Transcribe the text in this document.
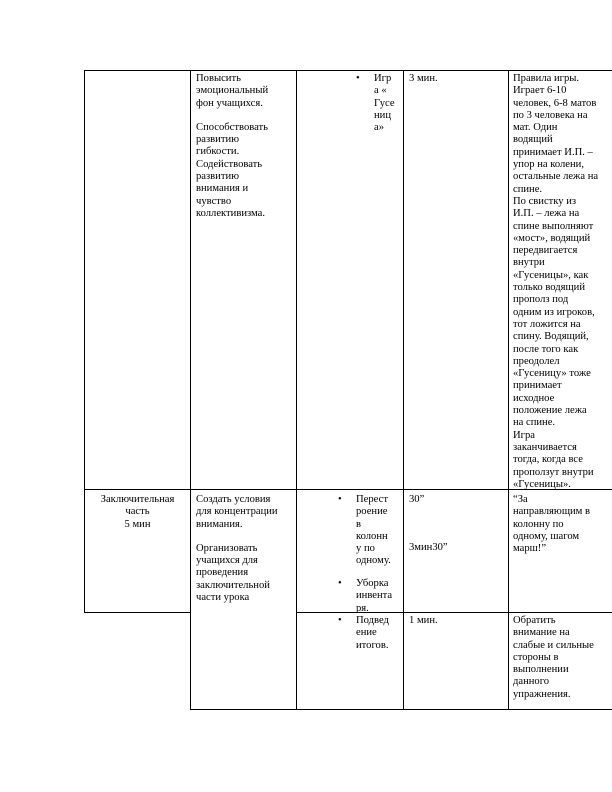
Повысить
эмоциональный
фон учащихся.

Способствовать
развитию
гибкости.
Содействовать
развитию
внимания и
чувство
коллективизма.

• Игр
а «
Гусе
ниц
а»

3 мин.	Правила игры.
Играет 6-10
человек, 6-8 матов
по 3 человека на
мат. Один
водящий
принимает И.П. –
упор на колени,
остальные лежа на
спине.
По свистку из
И.П. – лежа на
спине выполняют
«мост», водящий
передвигается
внутри
«Гусеницы», как
только водящий
прополз под
одним из игроков,
тот ложится на
спину. Водящий,
после того как
преодолел
«Гусеницу» тоже
принимает
исходное
положение лежа
на спине.
Игра
заканчивается
тогда, когда все
проползут внутри
«Гусеницы».

Заключительная
часть
5 мин

Создать условия
для концентрации
внимания.

Организовать
учащихся для
проведения
заключительной
части урока

• Перест
роение
в
колонн
у по
одному.

• Уборка
инвента
ря.

30”

3мин30”

“За
направляющим в
колонну по
одному, шагом
марш!”

• Подвед
ение
итогов.

1 мин.	Обратить
внимание на
слабые и сильные
стороны в
выполнении
данного
упражнения.
